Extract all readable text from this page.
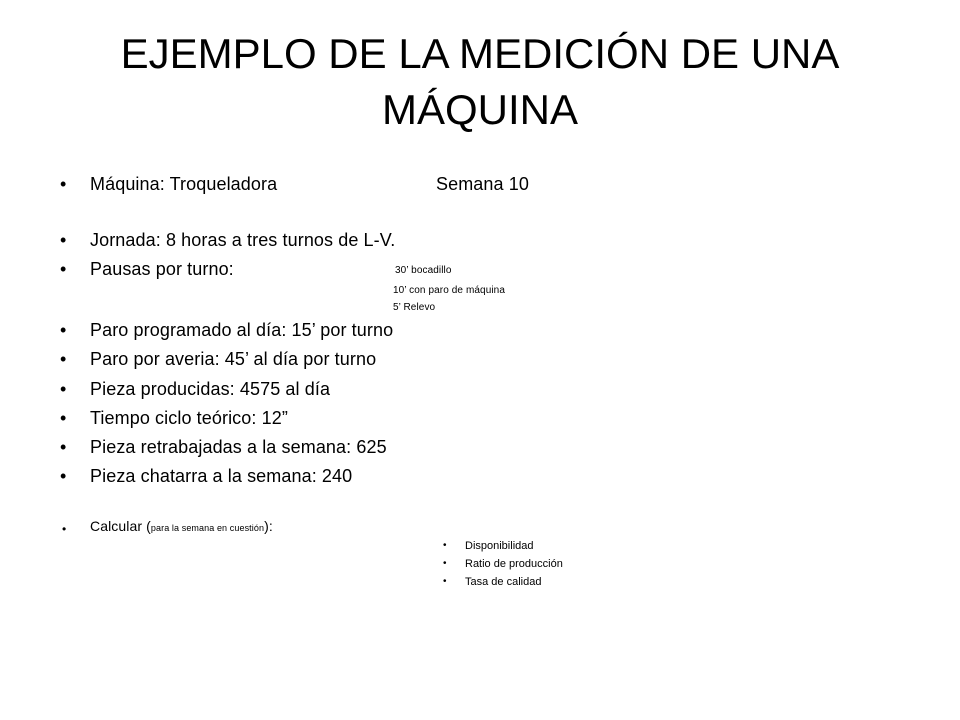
EJEMPLO DE LA MEDICIÓN DE UNA MÁQUINA
• Máquina: Troqueladora	Semana 10
• Jornada: 8 horas a tres turnos de L-V.
• Pausas por turno:	30’ bocadillo
10’ con paro de máquina
5’ Relevo
• Paro programado al día: 15’ por turno
• Paro por averia: 45’ al día por turno
• Pieza producidas: 4575 al día
• Tiempo ciclo teórico: 12”
• Pieza retrabajadas a la semana: 625
• Pieza chatarra a la semana: 240
• Calcular (para la semana en cuestión):
• Disponibilidad
• Ratio de producción
• Tasa de calidad
